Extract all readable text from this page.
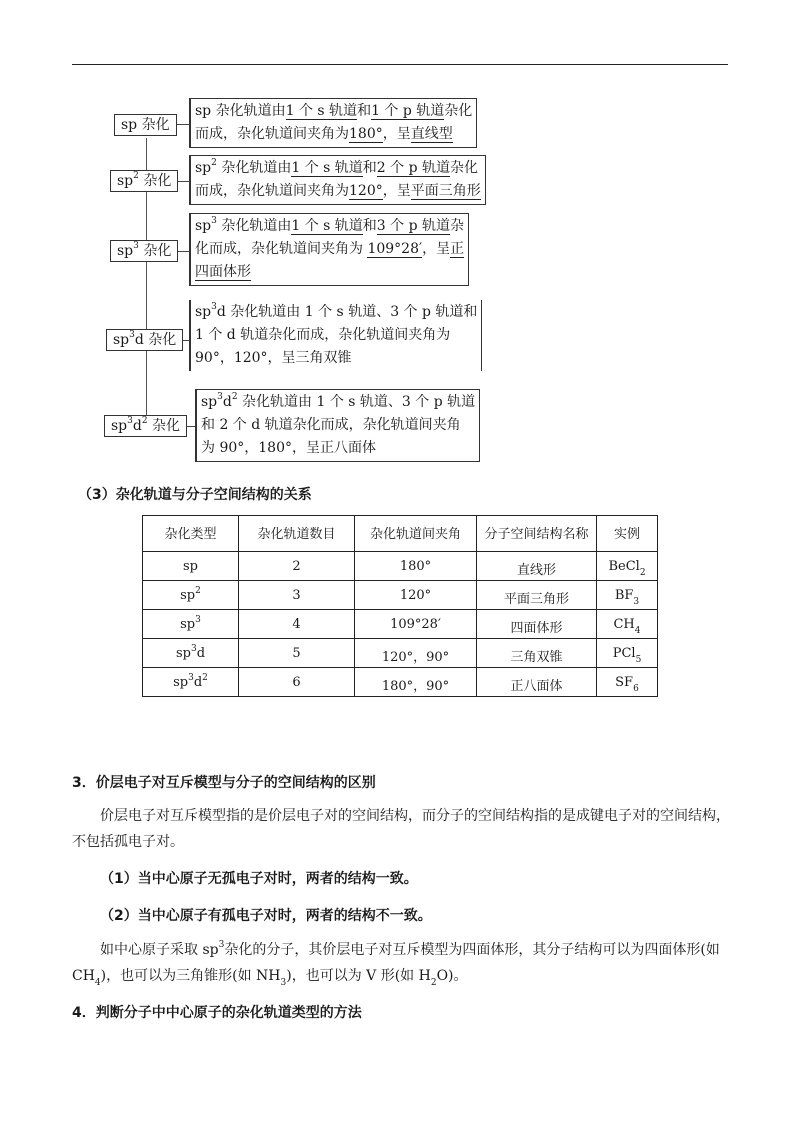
sp 杂化
$sp^2$ 杂化
$sp^3$ 杂化
$sp^3d$ 杂化
$sp^3d^2$ 杂化

sp 杂化轨道由1 个 s 轨道和1 个 p 轨道杂化

而成，杂化轨道间夹角为180°，呈直线型

$sp^2$ 杂化轨道由1 个 s 轨道和2 个 p 轨道杂化

而成，杂化轨道间夹角为120°，呈平面三角形

$sp^3$ 杂化轨道由1 个 s 轨道和3 个 p 轨道杂

化而成，杂化轨道间夹角为 109°28′，呈正

四面体形

$sp^3d$ 杂化轨道由 1 个 s 轨道、3 个 p 轨道和

1 个 d 轨道杂化而成，杂化轨道间夹角为

90°，120°，呈三角双锥

$sp^3d^2$ 杂化轨道由 1 个 s 轨道、3 个 p 轨道

和 2 个 d 轨道杂化而成，杂化轨道间夹角

为 90°，180°，呈正八面体

（3）杂化轨道与分子空间结构的关系
杂化类型	杂化轨道数目	杂化轨道间夹角	分子空间结构名称	实例
sp	2	180°	直线形	BeCl$_2$
$sp^2$	3	120°	平面三角形	$BF_3$
$sp^3$	4	109°28′	四面体形	$CH_4$
$sp^3d$	5	120°，90°	三角双锥	PCl$_5$
$sp^3d^2$	6	180°，90°	正八面体	$SF_6$
3．价层电子对互斥模型与分子的空间结构的区别
价层电子对互斥模型指的是价层电子对的空间结构，而分子的空间结构指的是成键电子对的空间结构，
不包括孤电子对。
（1）当中心原子无孤电子对时，两者的结构一致。
（2）当中心原子有孤电子对时，两者的结构不一致。
如中心原子采取 $sp^3$杂化的分子，其价层电子对互斥模型为四面体形，其分子结构可以为四面体形(如
$CH_4$)，也可以为三角锥形(如 $NH_3$)，也可以为 V 形(如 $H_2O$)。
4．判断分子中中心原子的杂化轨道类型的方法
